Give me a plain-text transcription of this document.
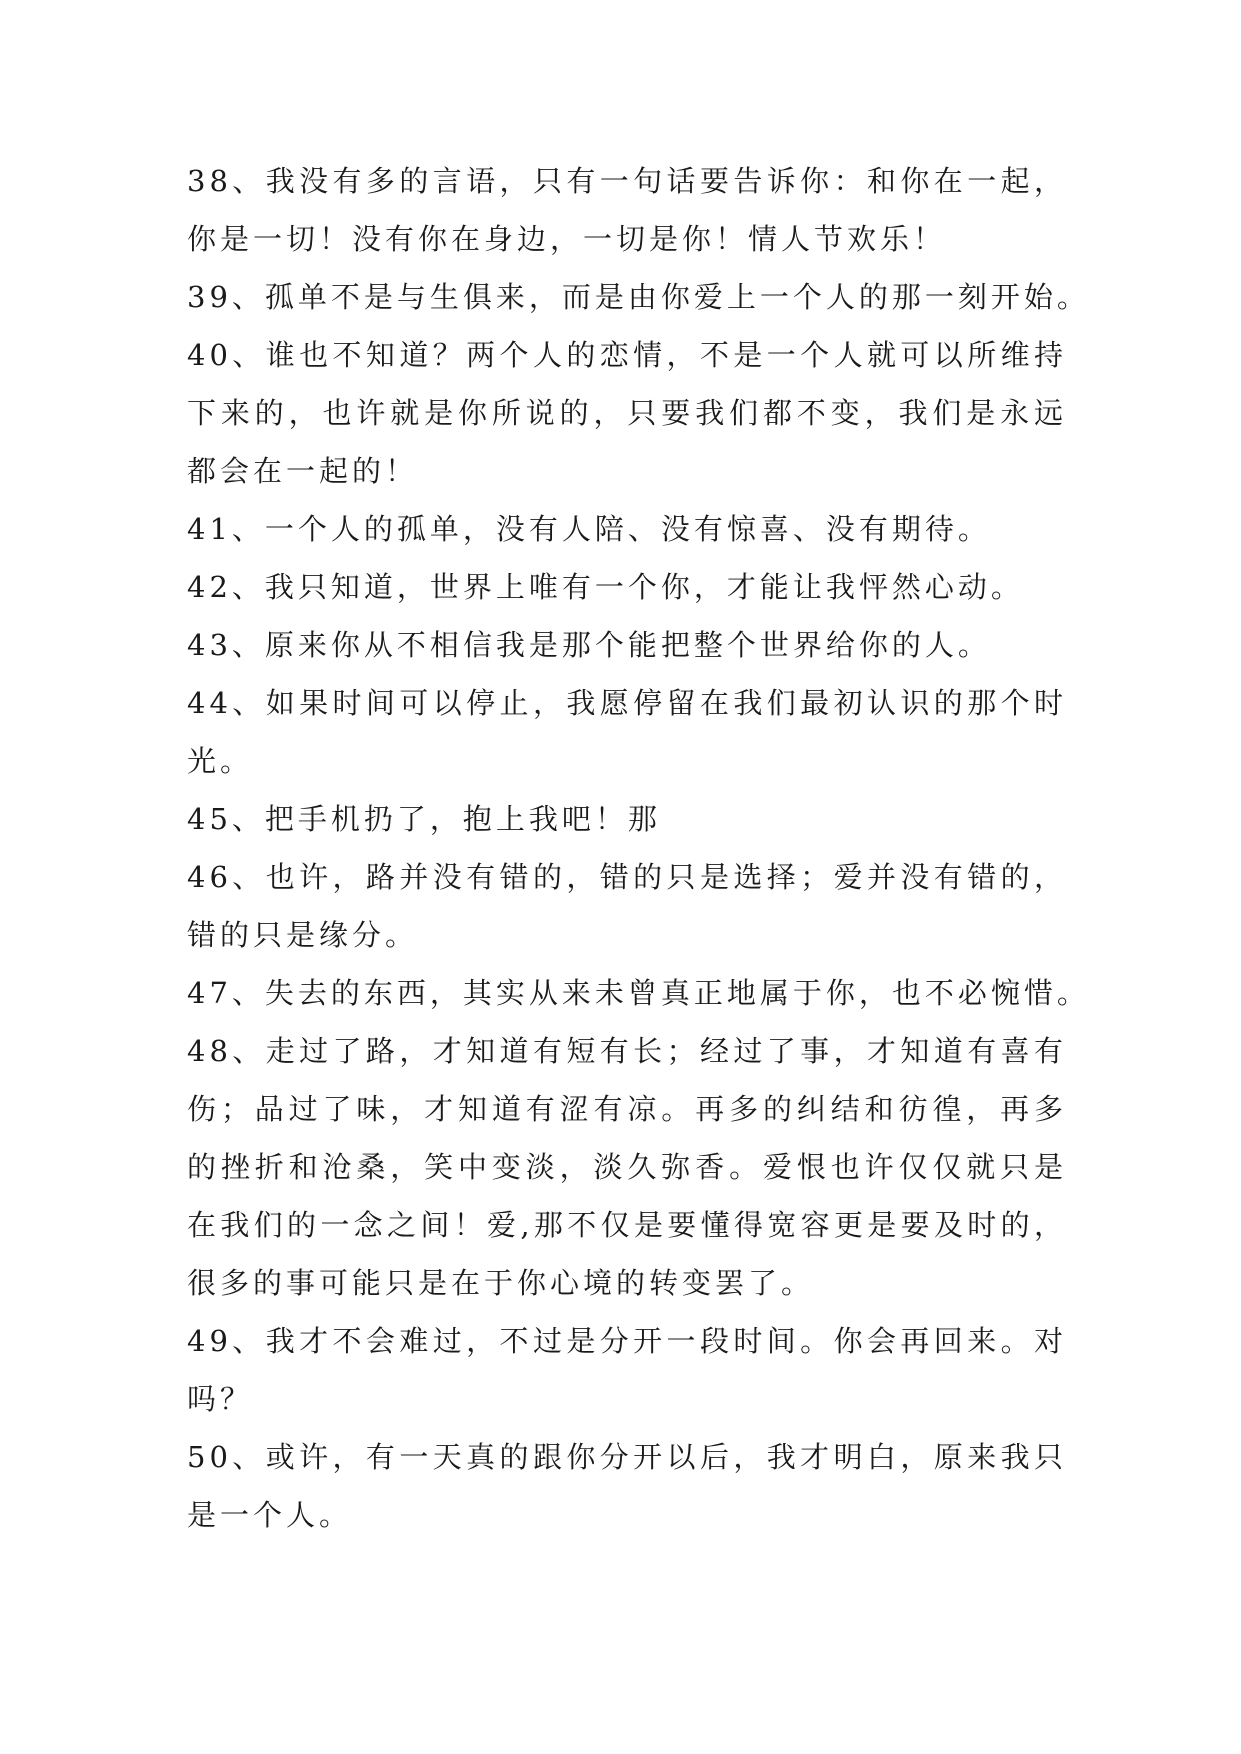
38、我没有多的言语，只有一句话要告诉你：和你在一起，
你是一切！没有你在身边，一切是你！情人节欢乐！
39、孤单不是与生俱来，而是由你爱上一个人的那一刻开始。
40、谁也不知道？两个人的恋情，不是一个人就可以所维持
下来的，也许就是你所说的，只要我们都不变，我们是永远
都会在一起的！
41、一个人的孤单，没有人陪、没有惊喜、没有期待。
42、我只知道，世界上唯有一个你，才能让我怦然心动。
43、原来你从不相信我是那个能把整个世界给你的人。
44、如果时间可以停止，我愿停留在我们最初认识的那个时
光。
45、把手机扔了，抱上我吧！那
46、也许，路并没有错的，错的只是选择；爱并没有错的，
错的只是缘分。
47、失去的东西，其实从来未曾真正地属于你，也不必惋惜。
48、走过了路，才知道有短有长；经过了事，才知道有喜有
伤；品过了味，才知道有涩有凉。再多的纠结和彷徨，再多
的挫折和沧桑，笑中变淡，淡久弥香。爱恨也许仅仅就只是
在我们的一念之间！爱,那不仅是要懂得宽容更是要及时的，
很多的事可能只是在于你心境的转变罢了。
49、我才不会难过，不过是分开一段时间。你会再回来。对
吗？
50、或许，有一天真的跟你分开以后，我才明白，原来我只
是一个人。
